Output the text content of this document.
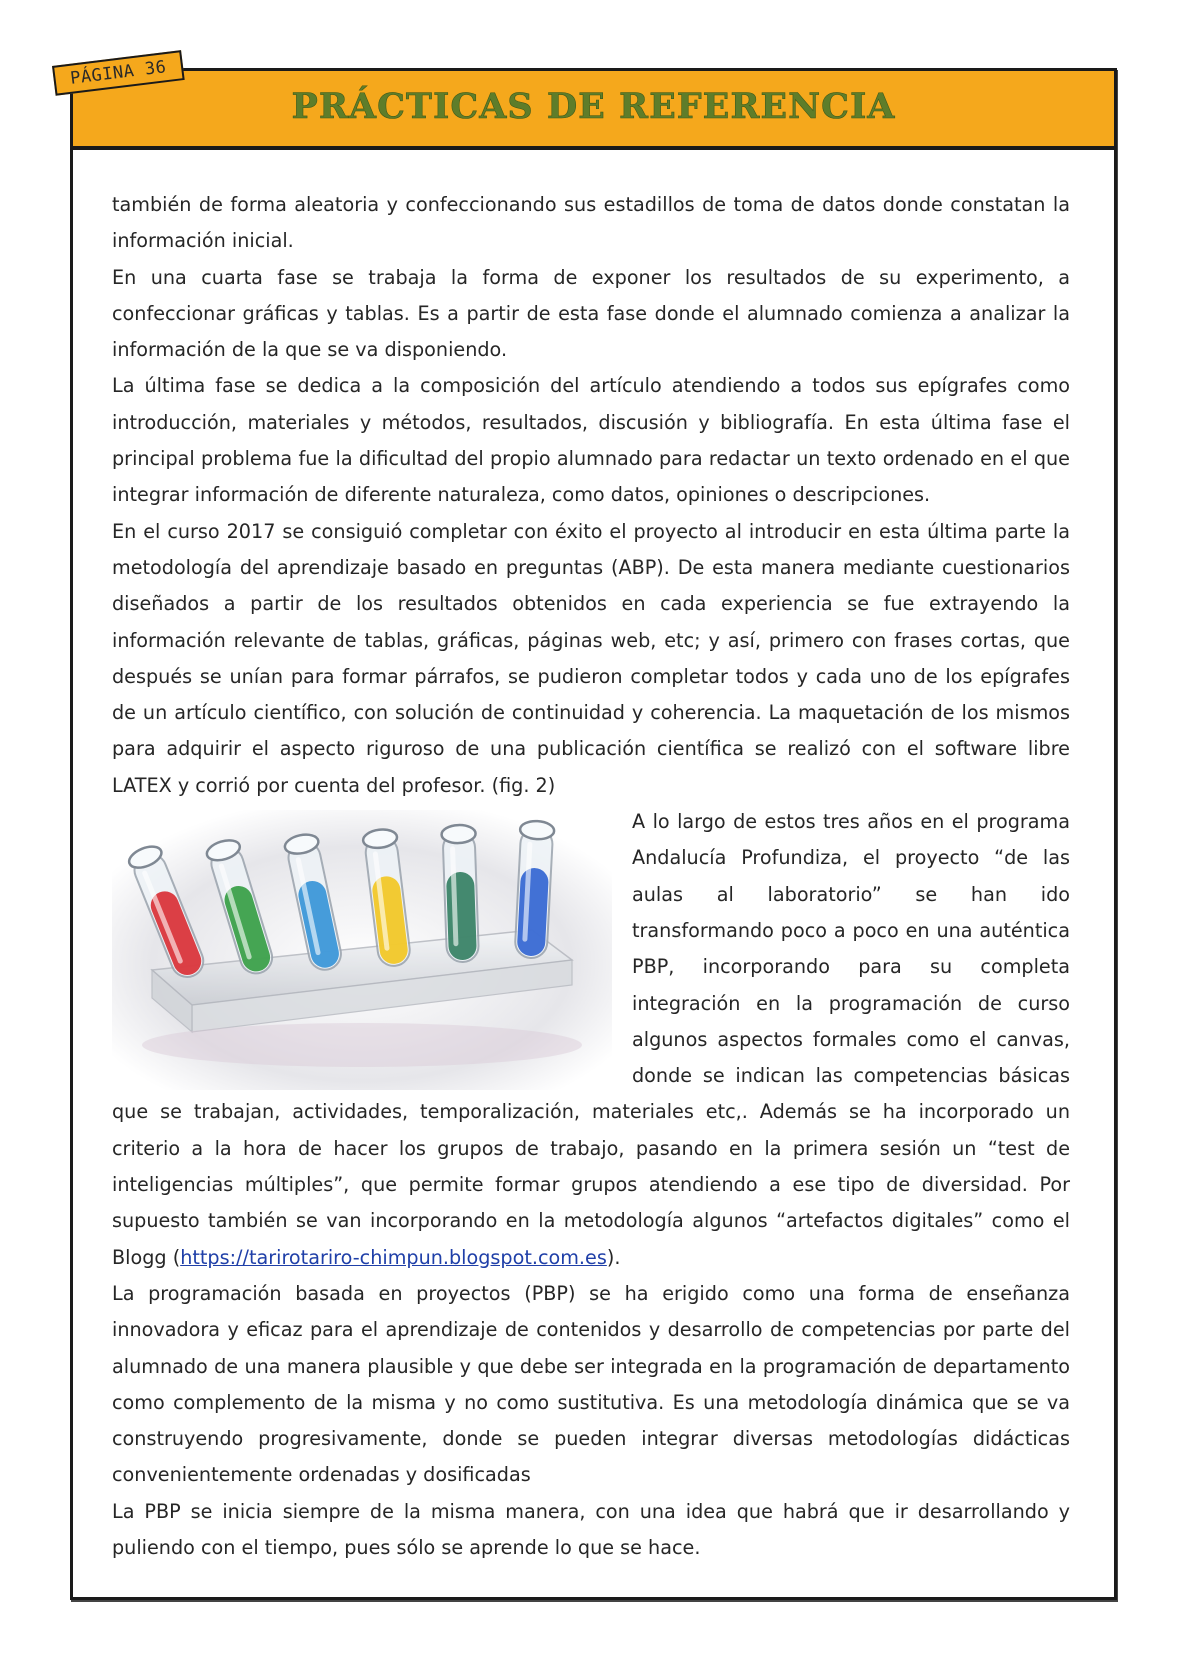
PRÁCTICAS DE REFERENCIA
PÁGINA 36

también de forma aleatoria y confeccionando sus estadillos de toma de datos donde constatan la información inicial.

En una cuarta fase se trabaja la forma de exponer los resultados de su experimento, a confeccionar gráficas y tablas. Es a partir de esta fase donde el alumnado comienza a analizar la información de la que se va disponiendo.

La última fase se dedica a la composición del artículo atendiendo a todos sus epígrafes como introducción, materiales y métodos, resultados, discusión y bibliografía. En esta última fase el principal problema fue la dificultad del propio alumnado para redactar un texto ordenado en el que integrar información de diferente naturaleza, como datos, opiniones o descripciones.

En el curso 2017 se consiguió completar con éxito el proyecto al introducir en esta última parte la metodología del aprendizaje basado en preguntas (ABP). De esta manera mediante cuestionarios diseñados a partir de los resultados obtenidos en cada experiencia se fue extrayendo la información relevante de tablas, gráficas, páginas web, etc; y así, primero con frases cortas, que después se unían para formar párrafos, se pudieron completar todos y cada uno de los epígrafes de un artículo científico, con solución de continuidad y coherencia. La maquetación de los mismos para adquirir el aspecto riguroso de una publicación científica se realizó con el software libre LATEX y corrió por cuenta del profesor. (fig. 2)

A lo largo de estos tres años en el programa Andalucía Profundiza, el proyecto “de las aulas al laboratorio” se han ido transformando poco a poco en una auténtica PBP, incorporando para su completa integración en la programación de curso algunos aspectos formales como el canvas, donde se indican las competencias básicas que se trabajan, actividades, temporalización, materiales etc,. Además se ha incorporado un criterio a la hora de hacer los grupos de trabajo, pasando en la primera sesión un “test de inteligencias múltiples”, que permite formar grupos atendiendo a ese tipo de diversidad. Por supuesto también se van incorporando en la metodología algunos “artefactos digitales” como el Blogg (https://tarirotariro-chimpun.blogspot.com.es).

La programación basada en proyectos (PBP) se ha erigido como una forma de enseñanza innovadora y eficaz para el aprendizaje de contenidos y desarrollo de competencias por parte del alumnado de una manera plausible y que debe ser integrada en la programación de departamento como complemento de la misma y no como sustitutiva. Es una metodología dinámica que se va construyendo progresivamente, donde se pueden integrar diversas metodologías didácticas convenientemente ordenadas y dosificadas

La PBP se inicia siempre de la misma manera, con una idea que habrá que ir desarrollando y puliendo con el tiempo, pues sólo se aprende lo que se hace.
